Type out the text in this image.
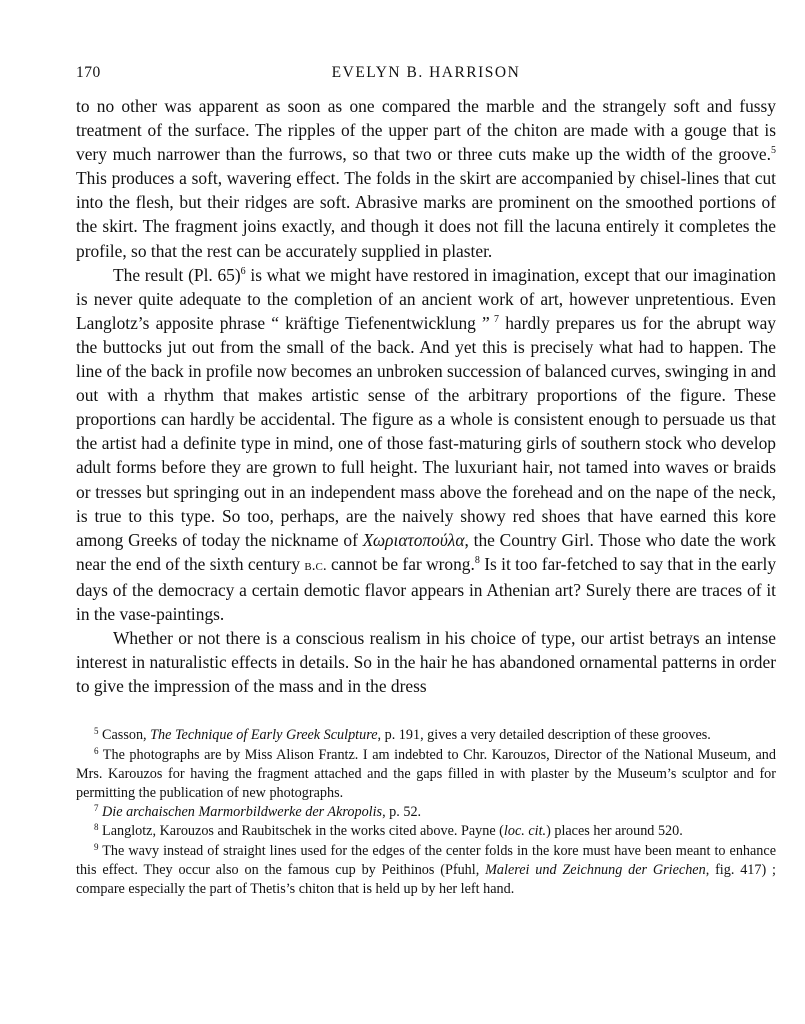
170	EVELYN B. HARRISON

to no other was apparent as soon as one compared the marble and the strangely soft and fussy treatment of the surface. The ripples of the upper part of the chiton are made with a gouge that is very much narrower than the furrows, so that two or three cuts make up the width of the groove.$^5$ This produces a soft, wavering effect. The folds in the skirt are accompanied by chisel-lines that cut into the flesh, but their ridges are soft. Abrasive marks are prominent on the smoothed portions of the skirt. The fragment joins exactly, and though it does not fill the lacuna entirely it completes the profile, so that the rest can be accurately supplied in plaster.

The result (Pl. 65)$^6$ is what we might have restored in imagination, except that our imagination is never quite adequate to the completion of an ancient work of art, however unpretentious. Even Langlotz’s apposite phrase “ kräftige Tiefenentwicklung ” $^7$ hardly prepares us for the abrupt way the buttocks jut out from the small of the back. And yet this is precisely what had to happen. The line of the back in profile now becomes an unbroken succession of balanced curves, swinging in and out with a rhythm that makes artistic sense of the arbitrary proportions of the figure. These proportions can hardly be accidental. The figure as a whole is consistent enough to persuade us that the artist had a definite type in mind, one of those fast-maturing girls of southern stock who develop adult forms before they are grown to full height. The luxuriant hair, not tamed into waves or braids or tresses but springing out in an independent mass above the forehead and on the nape of the neck, is true to this type. So too, perhaps, are the naively showy red shoes that have earned this kore among Greeks of today the nickname of Χωριατοπούλα, the Country Girl. Those who date the work near the end of the sixth century b.c. cannot be far wrong.$^8$ Is it too far-fetched to say that in the early days of the democracy a certain demotic flavor appears in Athenian art? Surely there are traces of it in the vase-paintings.

Whether or not there is a conscious realism in his choice of type, our artist betrays an intense interest in naturalistic effects in details. So in the hair he has abandoned ornamental patterns in order to give the impression of the mass and in the dress

$^5$ Casson, The Technique of Early Greek Sculpture, p. 191, gives a very detailed description of these grooves.

$^6$ The photographs are by Miss Alison Frantz. I am indebted to Chr. Karouzos, Director of the National Museum, and Mrs. Karouzos for having the fragment attached and the gaps filled in with plaster by the Museum’s sculptor and for permitting the publication of new photographs.

$^7$ Die archaischen Marmorbildwerke der Akropolis, p. 52.

$^8$ Langlotz, Karouzos and Raubitschek in the works cited above. Payne (loc. cit.) places her around 520.

$^9$ The wavy instead of straight lines used for the edges of the center folds in the kore must have been meant to enhance this effect. They occur also on the famous cup by Peithinos (Pfuhl, Malerei und Zeichnung der Griechen, fig. 417) ; compare especially the part of Thetis’s chiton that is held up by her left hand.
